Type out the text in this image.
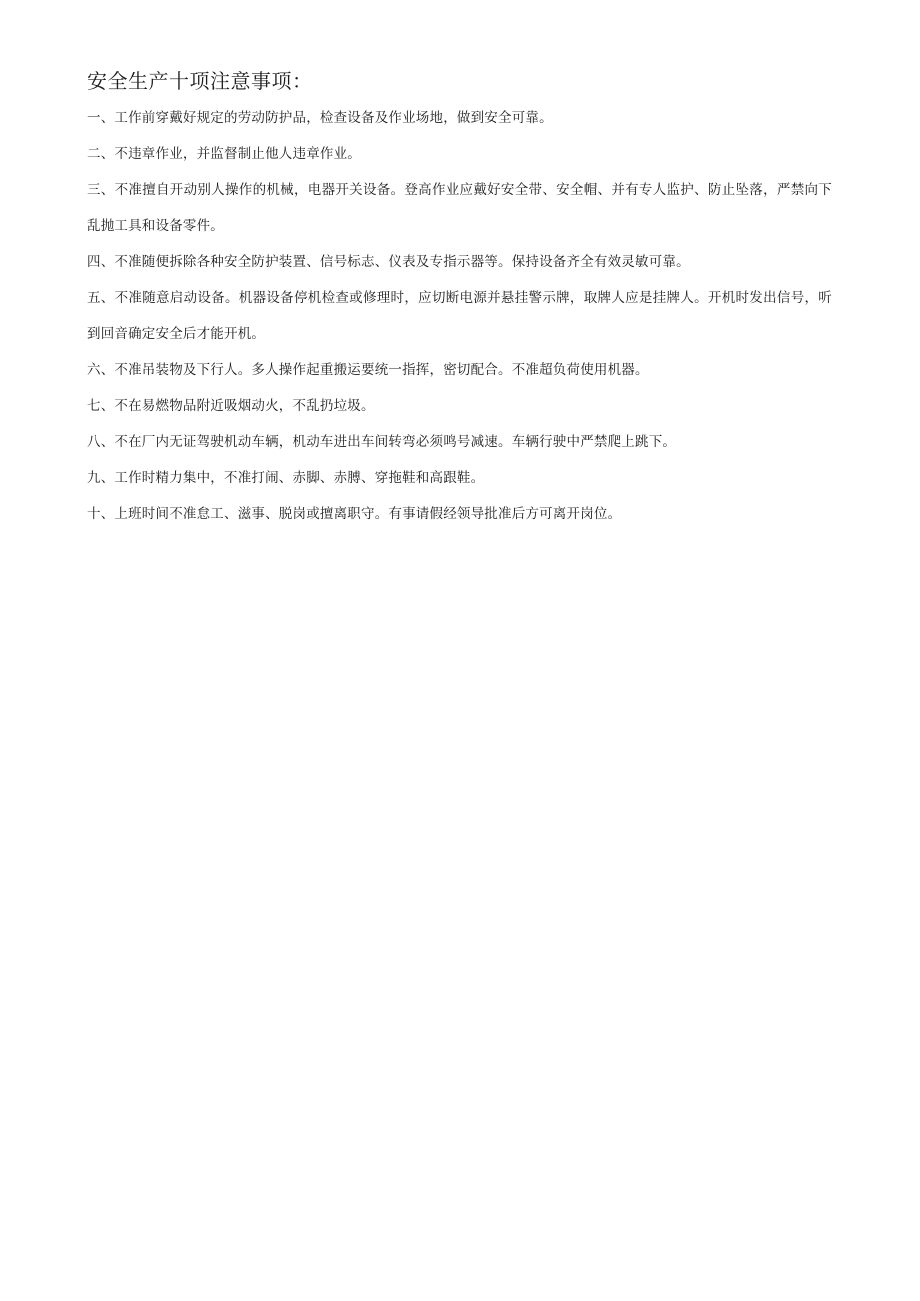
安全生产十项注意事项：
一、工作前穿戴好规定的劳动防护品，检查设备及作业场地，做到安全可靠。
二、不违章作业，并监督制止他人违章作业。
三、不准擅自开动别人操作的机械，电器开关设备。登高作业应戴好安全带、安全帽、并有专人监护、防止坠落，严禁向下乱抛工具和设备零件。
四、不准随便拆除各种安全防护装置、信号标志、仪表及专指示器等。保持设备齐全有效灵敏可靠。
五、不准随意启动设备。机器设备停机检查或修理时，应切断电源并悬挂警示牌，取牌人应是挂牌人。开机时发出信号，听到回音确定安全后才能开机。
六、不准吊装物及下行人。多人操作起重搬运要统一指挥，密切配合。不准超负荷使用机器。
七、不在易燃物品附近吸烟动火，不乱扔垃圾。
八、不在厂内无证驾驶机动车辆，机动车进出车间转弯必须鸣号减速。车辆行驶中严禁爬上跳下。
九、工作时精力集中，不准打闹、赤脚、赤膊、穿拖鞋和高跟鞋。
十、上班时间不准怠工、滋事、脱岗或擅离职守。有事请假经领导批准后方可离开岗位。
